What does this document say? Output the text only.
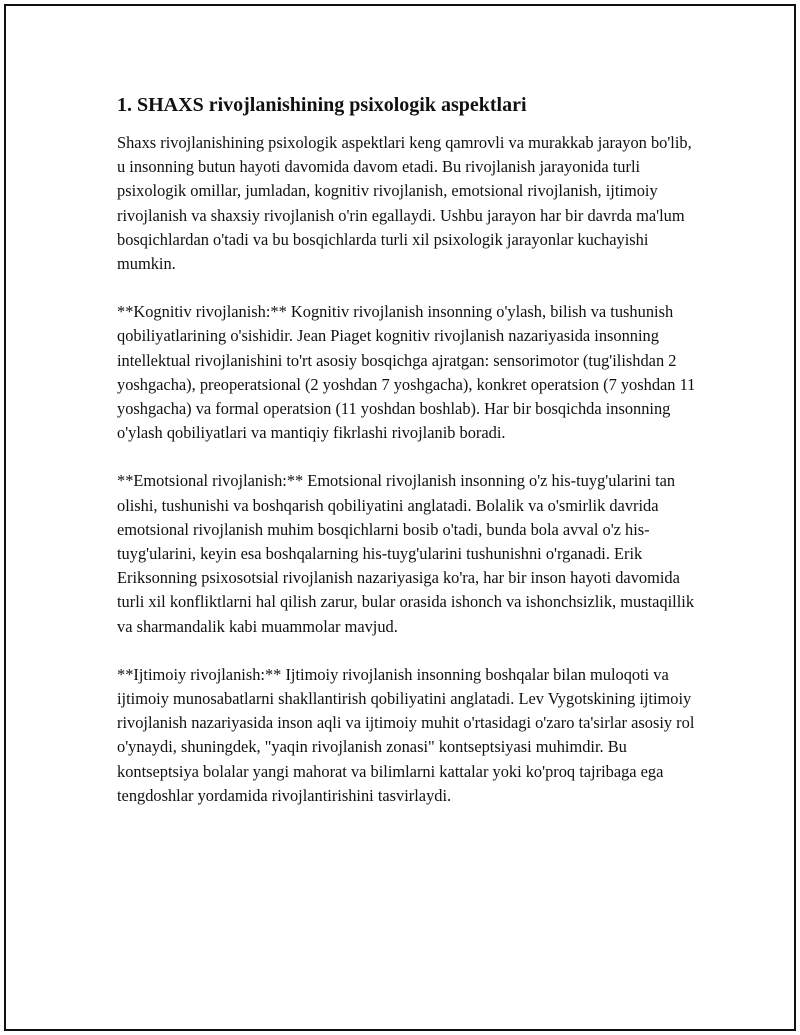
1. SHAXS rivojlanishining psixologik aspektlari

Shaxs rivojlanishining psixologik aspektlari keng qamrovli va murakkab jarayon bo'lib, u insonning butun hayoti davomida davom etadi. Bu rivojlanish jarayonida turli psixologik omillar, jumladan, kognitiv rivojlanish, emotsional rivojlanish, ijtimoiy rivojlanish va shaxsiy rivojlanish o'rin egallaydi. Ushbu jarayon har bir davrda ma'lum bosqichlardan o'tadi va bu bosqichlarda turli xil psixologik jarayonlar kuchayishi mumkin.

**Kognitiv rivojlanish:** Kognitiv rivojlanish insonning o'ylash, bilish va tushunish qobiliyatlarining o'sishidir. Jean Piaget kognitiv rivojlanish nazariyasida insonning intellektual rivojlanishini to'rt asosiy bosqichga ajratgan: sensorimotor (tug'ilishdan 2 yoshgacha), preoperatsional (2 yoshdan 7 yoshgacha), konkret operatsion (7 yoshdan 11 yoshgacha) va formal operatsion (11 yoshdan boshlab). Har bir bosqichda insonning o'ylash qobiliyatlari va mantiqiy fikrlashi rivojlanib boradi.

**Emotsional rivojlanish:** Emotsional rivojlanish insonning o'z his-tuyg'ularini tan olishi, tushunishi va boshqarish qobiliyatini anglatadi. Bolalik va o'smirlik davrida emotsional rivojlanish muhim bosqichlarni bosib o'tadi, bunda bola avval o'z his-tuyg'ularini, keyin esa boshqalarning his-tuyg'ularini tushunishni o'rganadi. Erik Eriksonning psixosotsial rivojlanish nazariyasiga ko'ra, har bir inson hayoti davomida turli xil konfliktlarni hal qilish zarur, bular orasida ishonch va ishonchsizlik, mustaqillik va sharmandalik kabi muammolar mavjud.

**Ijtimoiy rivojlanish:** Ijtimoiy rivojlanish insonning boshqalar bilan muloqoti va ijtimoiy munosabatlarni shakllantirish qobiliyatini anglatadi. Lev Vygotskining ijtimoiy rivojlanish nazariyasida inson aqli va ijtimoiy muhit o'rtasidagi o'zaro ta'sirlar asosiy rol o'ynaydi, shuningdek, "yaqin rivojlanish zonasi" kontseptsiyasi muhimdir. Bu kontseptsiya bolalar yangi mahorat va bilimlarni kattalar yoki ko'proq tajribaga ega tengdoshlar yordamida rivojlantirishini tasvirlaydi.
